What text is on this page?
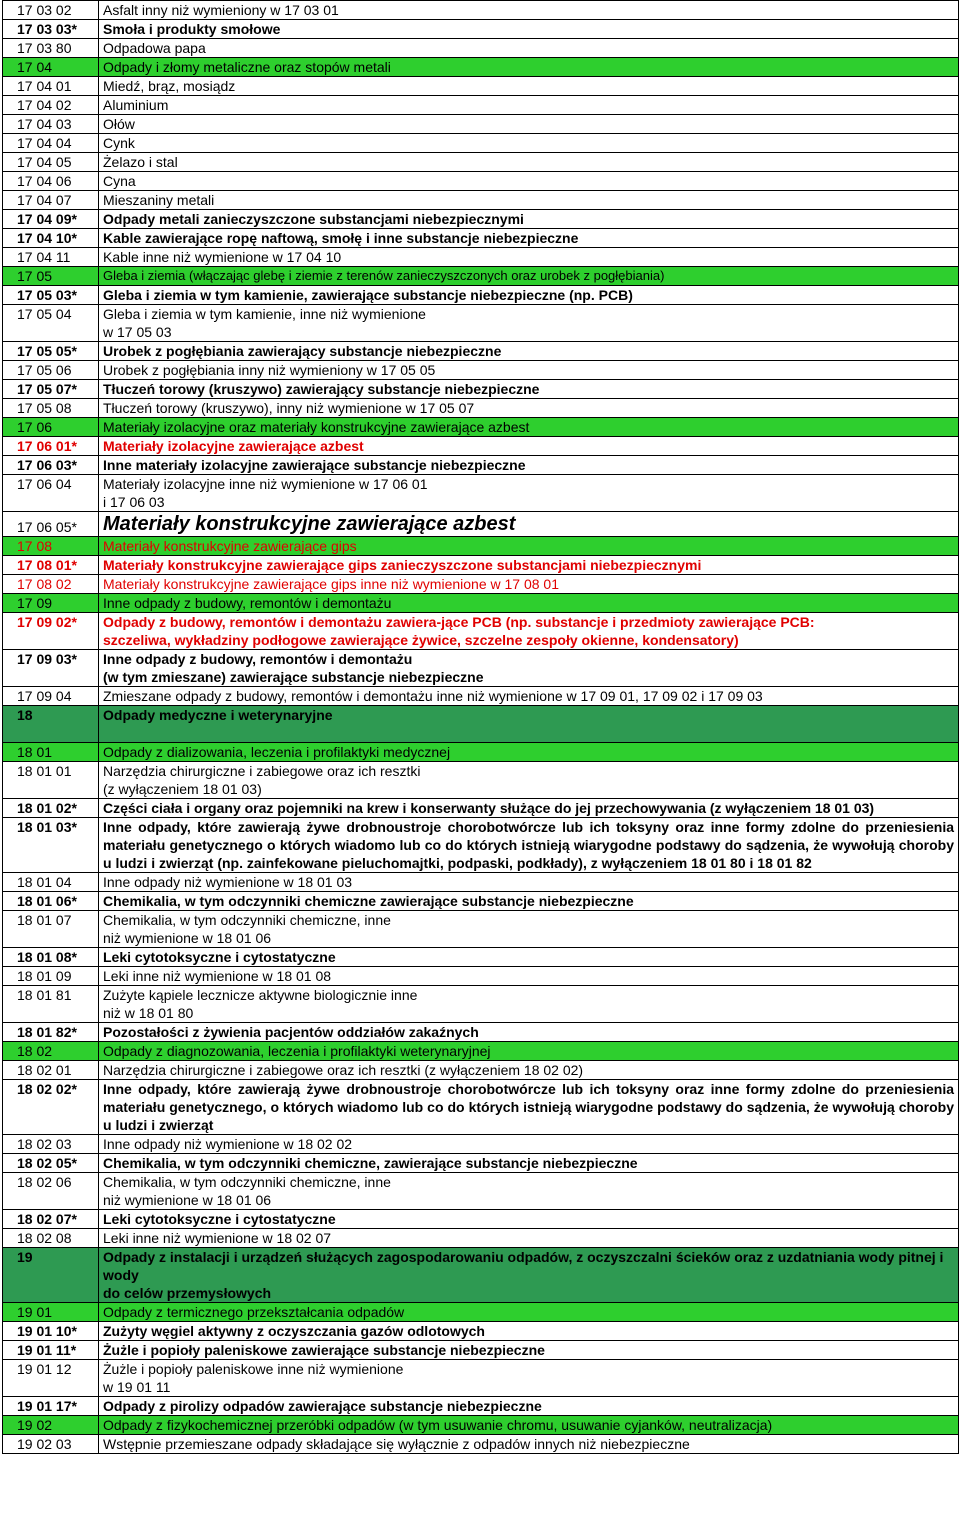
17 03 02	Asfalt inny niż wymieniony w 17 03 01
17 03 03*	Smoła i produkty smołowe
17 03 80	Odpadowa papa
17 04	Odpady i złomy metaliczne oraz stopów metali
17 04 01	Miedź, brąz, mosiądz
17 04 02	Aluminium
17 04 03	Ołów
17 04 04	Cynk
17 04 05	Żelazo i stal
17 04 06	Cyna
17 04 07	Mieszaniny metali
17 04 09*	Odpady metali zanieczyszczone substancjami niebezpiecznymi
17 04 10*	Kable zawierające ropę naftową, smołę i inne substancje niebezpieczne
17 04 11	Kable inne niż wymienione w 17 04 10
17 05	Gleba i ziemia (włączając glebę i ziemie z terenów zanieczyszczonych oraz urobek z pogłębiania)
17 05 03*	Gleba i ziemia w tym kamienie, zawierające substancje niebezpieczne (np. PCB)
17 05 04	Gleba i ziemia w tym kamienie, inne niż wymienione
w 17 05 03
17 05 05*	Urobek z pogłębiania zawierający substancje niebezpieczne
17 05 06	Urobek z pogłębiania inny niż wymieniony w 17 05 05
17 05 07*	Tłuczeń torowy (kruszywo) zawierający substancje niebezpieczne
17 05 08	Tłuczeń torowy (kruszywo), inny niż wymienione w 17 05 07
17 06	Materiały izolacyjne oraz materiały konstrukcyjne zawierające azbest
17 06 01*	Materiały izolacyjne zawierające azbest
17 06 03*	Inne materiały izolacyjne zawierające substancje niebezpieczne
17 06 04	Materiały izolacyjne inne niż wymienione w 17 06 01
i 17 06 03
17 06 05*	Materiały konstrukcyjne zawierające azbest
17 08	Materiały konstrukcyjne zawierające gips
17 08 01*	Materiały konstrukcyjne zawierające gips zanieczyszczone substancjami niebezpiecznymi
17 08 02	Materiały konstrukcyjne zawierające gips inne niż wymienione w 17 08 01
17 09	Inne odpady z budowy, remontów i demontażu
17 09 02*	Odpady z budowy, remontów i demontażu zawiera-jące PCB (np. substancje i przedmioty zawierające PCB:
szczeliwa, wykładziny podłogowe zawierające żywice, szczelne zespoły okienne, kondensatory)
17 09 03*	Inne odpady z budowy, remontów i demontażu
(w tym zmieszane) zawierające substancje niebezpieczne
17 09 04	Zmieszane odpady z budowy, remontów i demontażu inne niż wymienione w 17 09 01, 17 09 02 i 17 09 03
18	Odpady medyczne i weterynaryjne

18 01	Odpady z dializowania, leczenia i profilaktyki medycznej
18 01 01	Narzędzia chirurgiczne i zabiegowe oraz ich resztki
(z wyłączeniem 18 01 03)
18 01 02*	Części ciała i organy oraz pojemniki na krew i konserwanty służące do jej przechowywania (z wyłączeniem 18 01 03)
18 01 03*	Inne odpady, które zawierają żywe drobnoustroje chorobotwórcze lub ich toksyny oraz inne formy zdolne do przeniesienia materiału genetycznego o których wiadomo lub co do których istnieją wiarygodne podstawy do sądzenia, że wywołują choroby u ludzi i zwierząt (np. zainfekowane pieluchomajtki, podpaski, podkłady), z wyłączeniem 18 01 80 i 18 01 82
18 01 04	Inne odpady niż wymienione w 18 01 03
18 01 06*	Chemikalia, w tym odczynniki chemiczne zawierające substancje niebezpieczne
18 01 07	Chemikalia, w tym odczynniki chemiczne, inne
niż wymienione w 18 01 06
18 01 08*	Leki cytotoksyczne i cytostatyczne
18 01 09	Leki inne niż wymienione w 18 01 08
18 01 81	Zużyte kąpiele lecznicze aktywne biologicznie inne
niż w 18 01 80
18 01 82*	Pozostałości z żywienia pacjentów oddziałów zakaźnych
18 02	Odpady z diagnozowania, leczenia i profilaktyki weterynaryjnej
18 02 01	Narzędzia chirurgiczne i zabiegowe oraz ich resztki (z wyłączeniem 18 02 02)
18 02 02*	Inne odpady, które zawierają żywe drobnoustroje chorobotwórcze lub ich toksyny oraz inne formy zdolne do przeniesienia materiału genetycznego, o których wiadomo lub co do których istnieją wiarygodne podstawy do sądzenia, że wywołują choroby u ludzi i zwierząt
18 02 03	Inne odpady niż wymienione w 18 02 02
18 02 05*	Chemikalia, w tym odczynniki chemiczne, zawierające substancje niebezpieczne
18 02 06	Chemikalia, w tym odczynniki chemiczne, inne
niż wymienione w 18 01 06
18 02 07*	Leki cytotoksyczne i cytostatyczne
18 02 08	Leki inne niż wymienione w 18 02 07
19	Odpady z instalacji i urządzeń służących zagospodarowaniu odpadów, z oczyszczalni ścieków oraz z uzdatniania wody pitnej i wody
do celów przemysłowych
19 01	Odpady z termicznego przekształcania odpadów
19 01 10*	Zużyty węgiel aktywny z oczyszczania gazów odlotowych
19 01 11*	Żużle i popioły paleniskowe zawierające substancje niebezpieczne
19 01 12	Żużle i popioły paleniskowe inne niż wymienione
w 19 01 11
19 01 17*	Odpady z pirolizy odpadów zawierające substancje niebezpieczne
19 02	Odpady z fizykochemicznej przeróbki odpadów (w tym usuwanie chromu, usuwanie cyjanków, neutralizacja)
19 02 03	Wstępnie przemieszane odpady składające się wyłącznie z odpadów innych niż niebezpieczne
